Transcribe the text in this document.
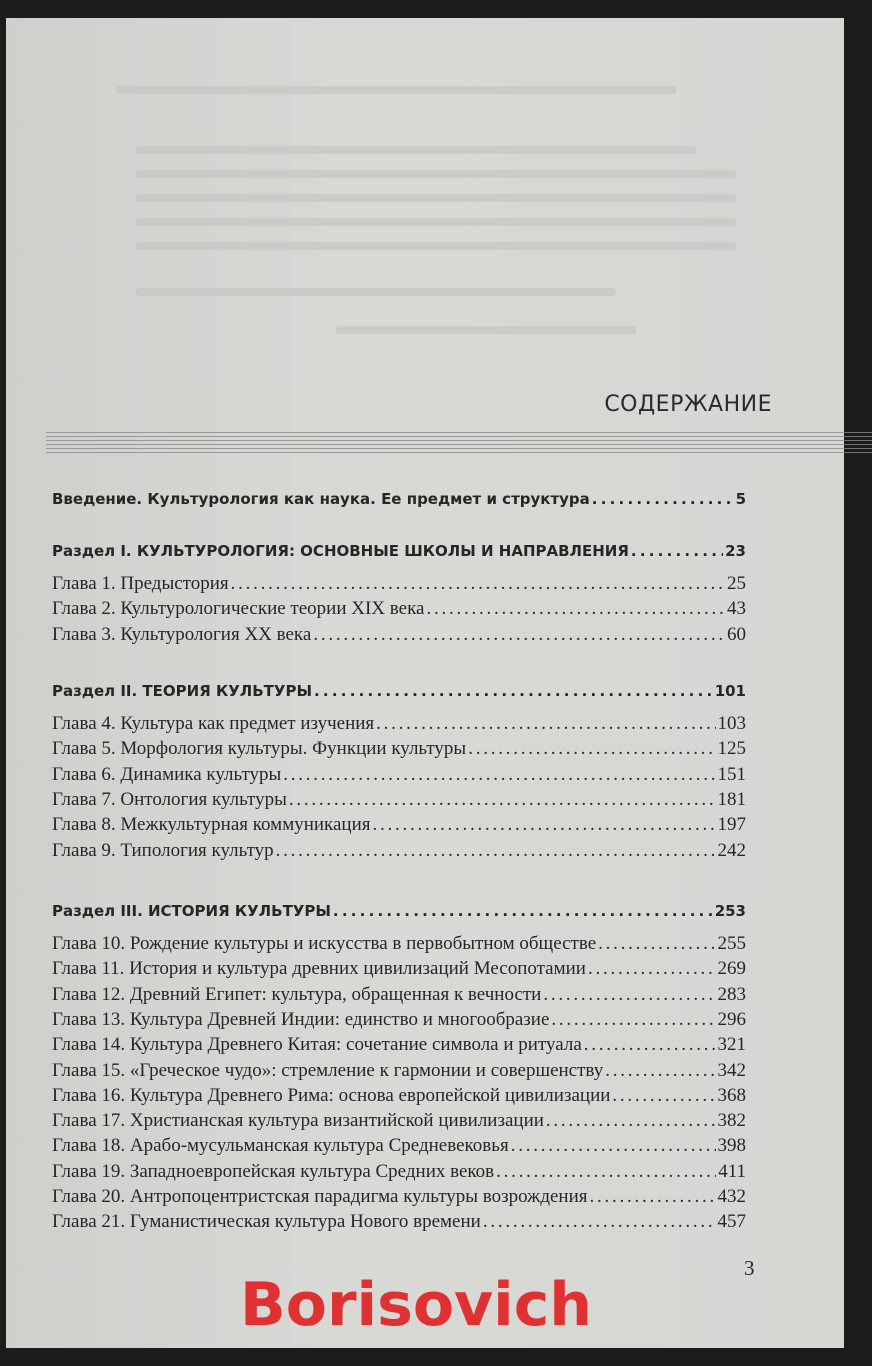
СОДЕРЖАНИЕ
Введение. Культурология как наука. Ее предмет и структура . . .	5
Раздел I. КУЛЬТУРОЛОГИЯ: ОСНОВНЫЕ ШКОЛЫ И НАПРАВЛЕНИЯ . . .	23
Глава 1. Предыстория . . .	25
Глава 2. Культурологические теории XIX века . . .	43
Глава 3. Культурология XX века . . .	60
Раздел II. ТЕОРИЯ КУЛЬТУРЫ . . .	101
Глава 4. Культура как предмет изучения . . .	103
Глава 5. Морфология культуры. Функции культуры . . .	125
Глава 6. Динамика культуры . . .	151
Глава 7. Онтология культуры . . .	181
Глава 8. Межкультурная коммуникация . . .	197
Глава 9. Типология культур . . .	242
Раздел III. ИСТОРИЯ КУЛЬТУРЫ . . .	253
Глава 10. Рождение культуры и искусства в первобытном обществе . . .	255
Глава 11. История и культура древних цивилизаций Месопотамии . . .	269
Глава 12. Древний Египет: культура, обращенная к вечности . . .	283
Глава 13. Культура Древней Индии: единство и многообразие . . .	296
Глава 14. Культура Древнего Китая: сочетание символа и ритуала . . .	321
Глава 15. «Греческое чудо»: стремление к гармонии и совершенству . . .	342
Глава 16. Культура Древнего Рима: основа европейской цивилизации . . .	368
Глава 17. Христианская культура византийской цивилизации . . .	382
Глава 18. Арабо-мусульманская культура Средневековья . . .	398
Глава 19. Западноевропейская культура Средних веков . . .	411
Глава 20. Антропоцентристская парадигма культуры возрождения . . .	432
Глава 21. Гуманистическая культура Нового времени . . .	457
3
Borisovich
